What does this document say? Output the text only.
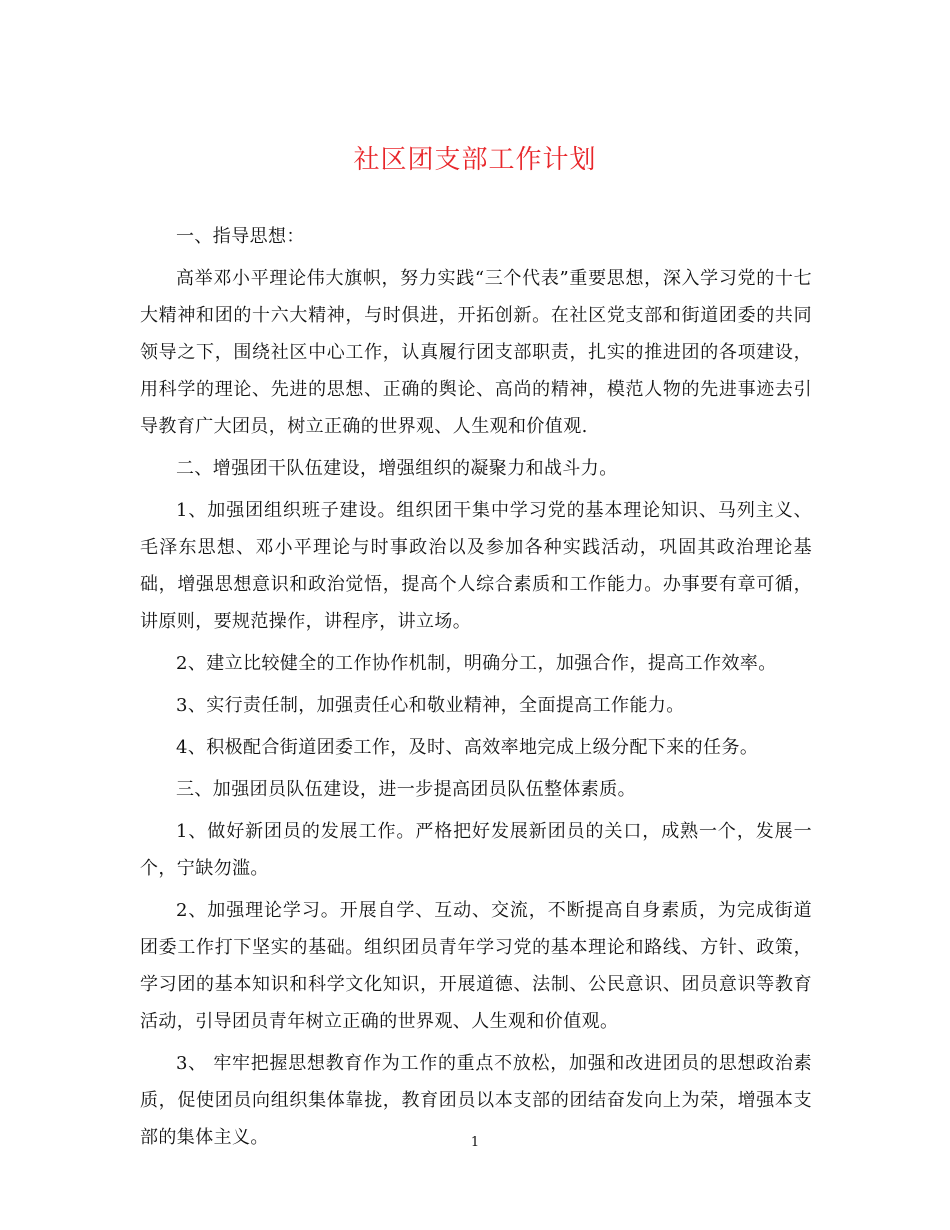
社区团支部工作计划

一、指导思想：

高举邓小平理论伟大旗帜，努力实践“三个代表”重要思想，深入学习党的十七大精神和团的十六大精神，与时俱进，开拓创新。在社区党支部和街道团委的共同领导之下，围绕社区中心工作，认真履行团支部职责，扎实的推进团的各项建设，用科学的理论、先进的思想、正确的舆论、高尚的精神，模范人物的先进事迹去引导教育广大团员，树立正确的世界观、人生观和价值观.

二、增强团干队伍建设，增强组织的凝聚力和战斗力。

1、加强团组织班子建设。组织团干集中学习党的基本理论知识、马列主义、毛泽东思想、邓小平理论与时事政治以及参加各种实践活动，巩固其政治理论基础，增强思想意识和政治觉悟，提高个人综合素质和工作能力。办事要有章可循，讲原则，要规范操作，讲程序，讲立场。

2、建立比较健全的工作协作机制，明确分工，加强合作，提高工作效率。

3、实行责任制，加强责任心和敬业精神，全面提高工作能力。

4、积极配合街道团委工作，及时、高效率地完成上级分配下来的任务。

三、加强团员队伍建设，进一步提高团员队伍整体素质。

1、做好新团员的发展工作。严格把好发展新团员的关口，成熟一个，发展一个，宁缺勿滥。

2、加强理论学习。开展自学、互动、交流，不断提高自身素质，为完成街道团委工作打下坚实的基础。组织团员青年学习党的基本理论和路线、方针、政策，学习团的基本知识和科学文化知识，开展道德、法制、公民意识、团员意识等教育活动，引导团员青年树立正确的世界观、人生观和价值观。

3、 牢牢把握思想教育作为工作的重点不放松，加强和改进团员的思想政治素质，促使团员向组织集体靠拢，教育团员以本支部的团结奋发向上为荣，增强本支部的集体主义。	1
